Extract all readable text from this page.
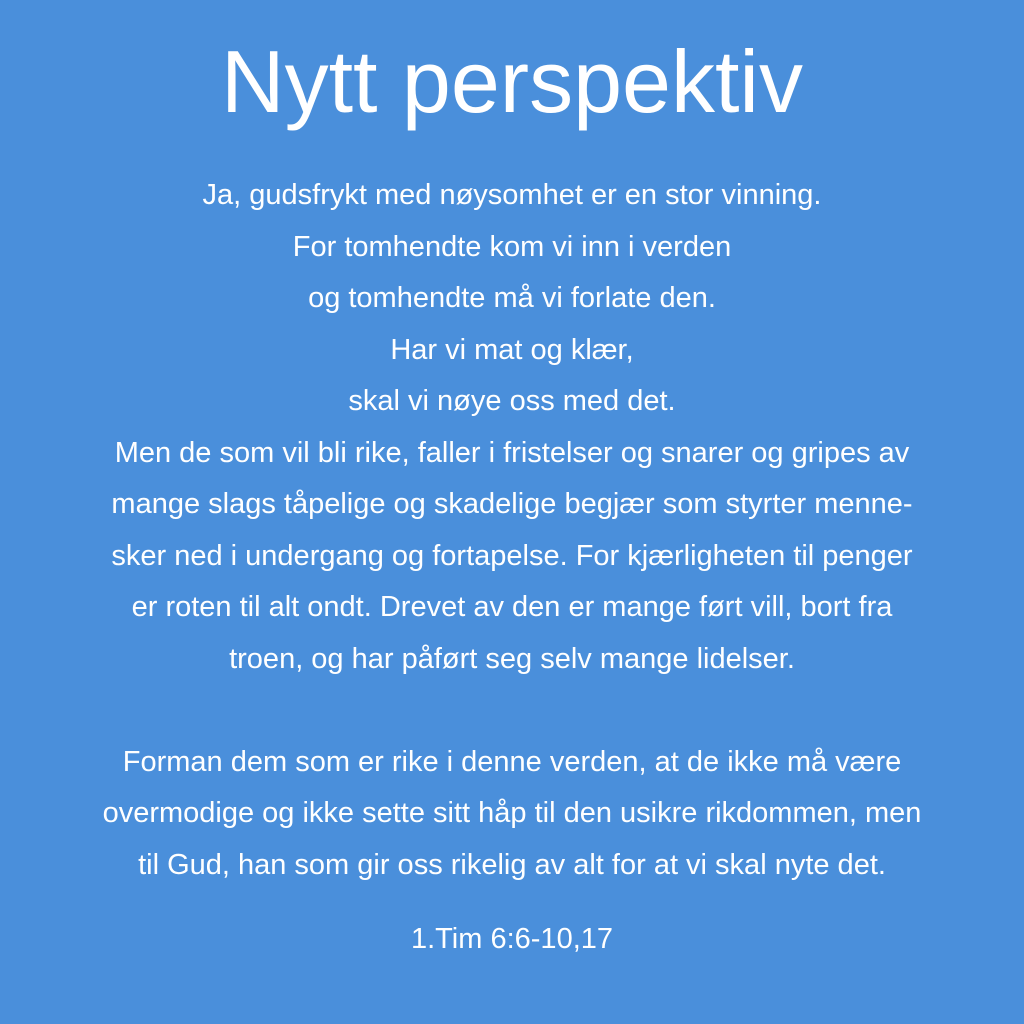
Nytt perspektiv
Ja, gudsfrykt med nøysomhet er en stor vinning.
For tomhendte kom vi inn i verden
og tomhendte må vi forlate den.
Har vi mat og klær,
skal vi nøye oss med det.
Men de som vil bli rike, faller i fristelser og snarer og gripes av
mange slags tåpelige og skadelige begjær som styrter menne-
sker ned i undergang og fortapelse. For kjærligheten til penger
er roten til alt ondt. Drevet av den er mange ført vill, bort fra
troen, og har påført seg selv mange lidelser.
Forman dem som er rike i denne verden, at de ikke må være
overmodige og ikke sette sitt håp til den usikre rikdommen, men
til Gud, han som gir oss rikelig av alt for at vi skal nyte det.
1.Tim 6:6-10,17
